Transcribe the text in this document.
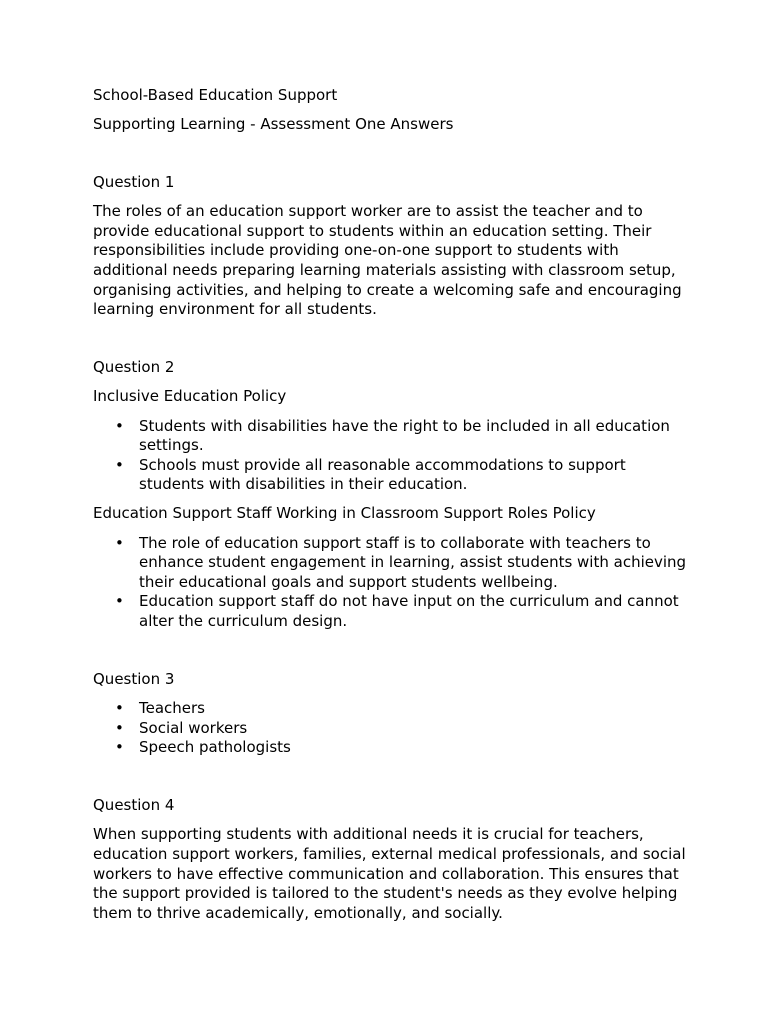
School-Based Education Support

Supporting Learning - Assessment One Answers

Question 1

The roles of an education support worker are to assist the teacher and to provide educational support to students within an education setting. Their responsibilities include providing one-on-one support to students with additional needs preparing learning materials assisting with classroom setup, organising activities, and helping to create a welcoming safe and encouraging learning environment for all students.

Question 2

Inclusive Education Policy

• Students with disabilities have the right to be included in all education settings.
• Schools must provide all reasonable accommodations to support students with disabilities in their education.

Education Support Staff Working in Classroom Support Roles Policy

• The role of education support staff is to collaborate with teachers to enhance student engagement in learning, assist students with achieving their educational goals and support students wellbeing.
• Education support staff do not have input on the curriculum and cannot alter the curriculum design.

Question 3

• Teachers
• Social workers
• Speech pathologists

Question 4

When supporting students with additional needs it is crucial for teachers, education support workers, families, external medical professionals, and social workers to have effective communication and collaboration. This ensures that the support provided is tailored to the student's needs as they evolve helping them to thrive academically, emotionally, and socially.
